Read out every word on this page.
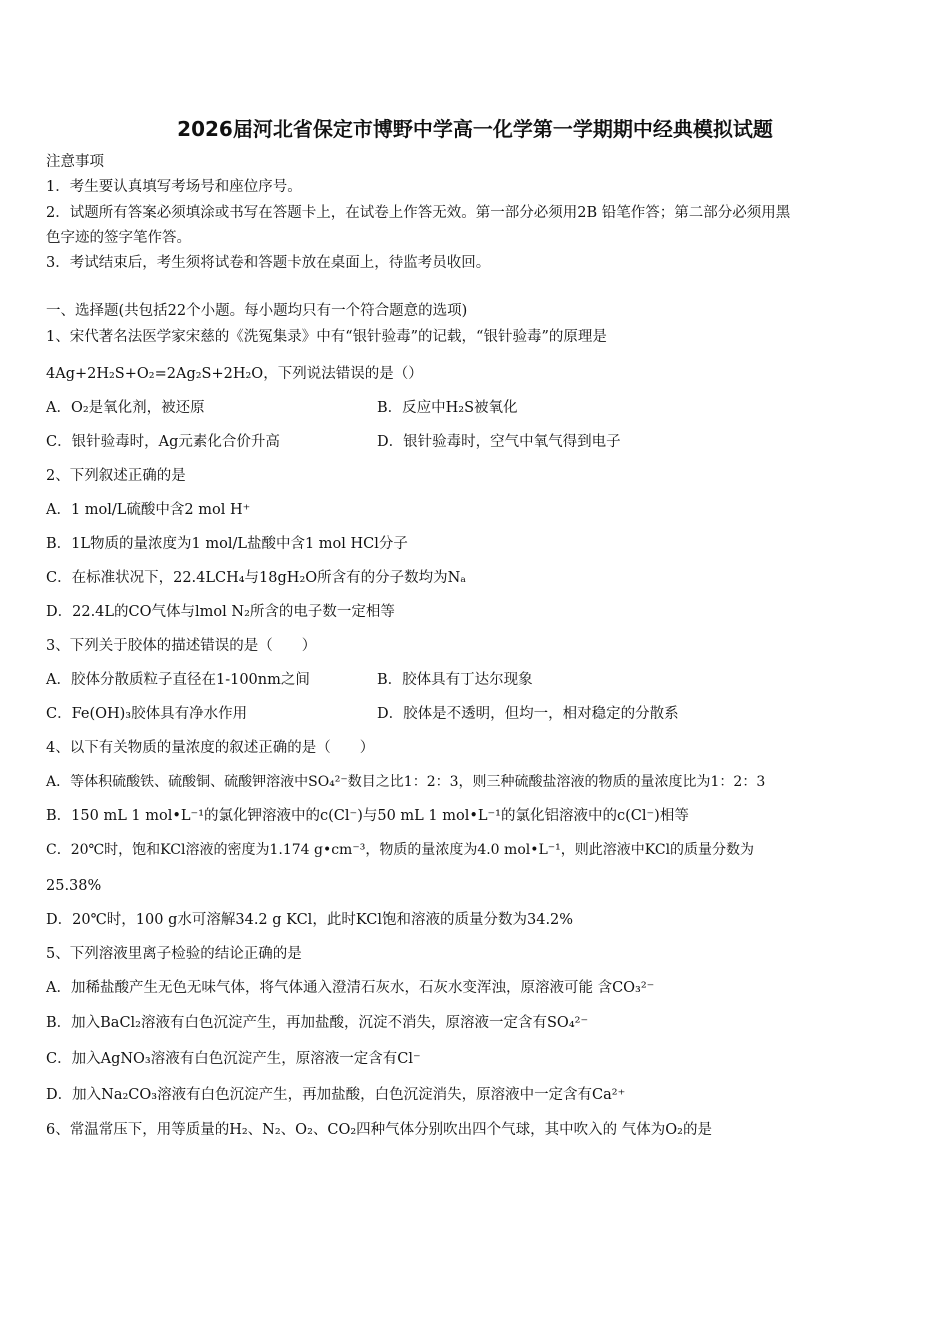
2026届河北省保定市博野中学高一化学第一学期期中经典模拟试题
注意事项
1．考生要认真填写考场号和座位序号。
2．试题所有答案必须填涂或书写在答题卡上，在试卷上作答无效。第一部分必须用2B 铅笔作答；第二部分必须用黑
色字迹的签字笔作答。
3．考试结束后，考生须将试卷和答题卡放在桌面上，待监考员收回。
一、选择题(共包括22个小题。每小题均只有一个符合题意的选项)
1、宋代著名法医学家宋慈的《洗冤集录》中有“银针验毒”的记载，“银针验毒”的原理是
4Ag+2H₂S+O₂=2Ag₂S+2H₂O，下列说法错误的是（）
A．O₂是氧化剂，被还原	B．反应中H₂S被氧化
C．银针验毒时，Ag元素化合价升高	D．银针验毒时，空气中氧气得到电子
2、下列叙述正确的是
A．1 mol/L硫酸中含2 mol H⁺
B．1L物质的量浓度为1 mol/L盐酸中含1 mol HCl分子
C．在标准状况下，22.4LCH₄与18gH₂O所含有的分子数均为Nₐ
D．22.4L的CO气体与lmol N₂所含的电子数一定相等
3、下列关于胶体的描述错误的是（　　）
A．胶体分散质粒子直径在1-100nm之间	B．胶体具有丁达尔现象
C．Fe(OH)₃胶体具有净水作用	D．胶体是不透明，但均一，相对稳定的分散系
4、以下有关物质的量浓度的叙述正确的是（　　）
A．等体积硫酸铁、硫酸铜、硫酸钾溶液中SO₄²⁻数目之比1：2：3，则三种硫酸盐溶液的物质的量浓度比为1：2：3
B．150 mL 1 mol•L⁻¹的氯化钾溶液中的c(Cl⁻)与50 mL 1 mol•L⁻¹的氯化铝溶液中的c(Cl⁻)相等
C．20℃时，饱和KCl溶液的密度为1.174 g•cm⁻³，物质的量浓度为4.0 mol•L⁻¹，则此溶液中KCl的质量分数为
25.38%
D．20℃时，100 g水可溶解34.2 g KCl，此时KCl饱和溶液的质量分数为34.2%
5、下列溶液里离子检验的结论正确的是
A．加稀盐酸产生无色无味气体，将气体通入澄清石灰水，石灰水变浑浊，原溶液可能 含CO₃²⁻
B．加入BaCl₂溶液有白色沉淀产生，再加盐酸，沉淀不消失，原溶液一定含有SO₄²⁻
C．加入AgNO₃溶液有白色沉淀产生，原溶液一定含有Cl⁻
D．加入Na₂CO₃溶液有白色沉淀产生，再加盐酸，白色沉淀消失，原溶液中一定含有Ca²⁺
6、常温常压下，用等质量的H₂、N₂、O₂、CO₂四种气体分别吹出四个气球，其中吹入的 气体为O₂的是
